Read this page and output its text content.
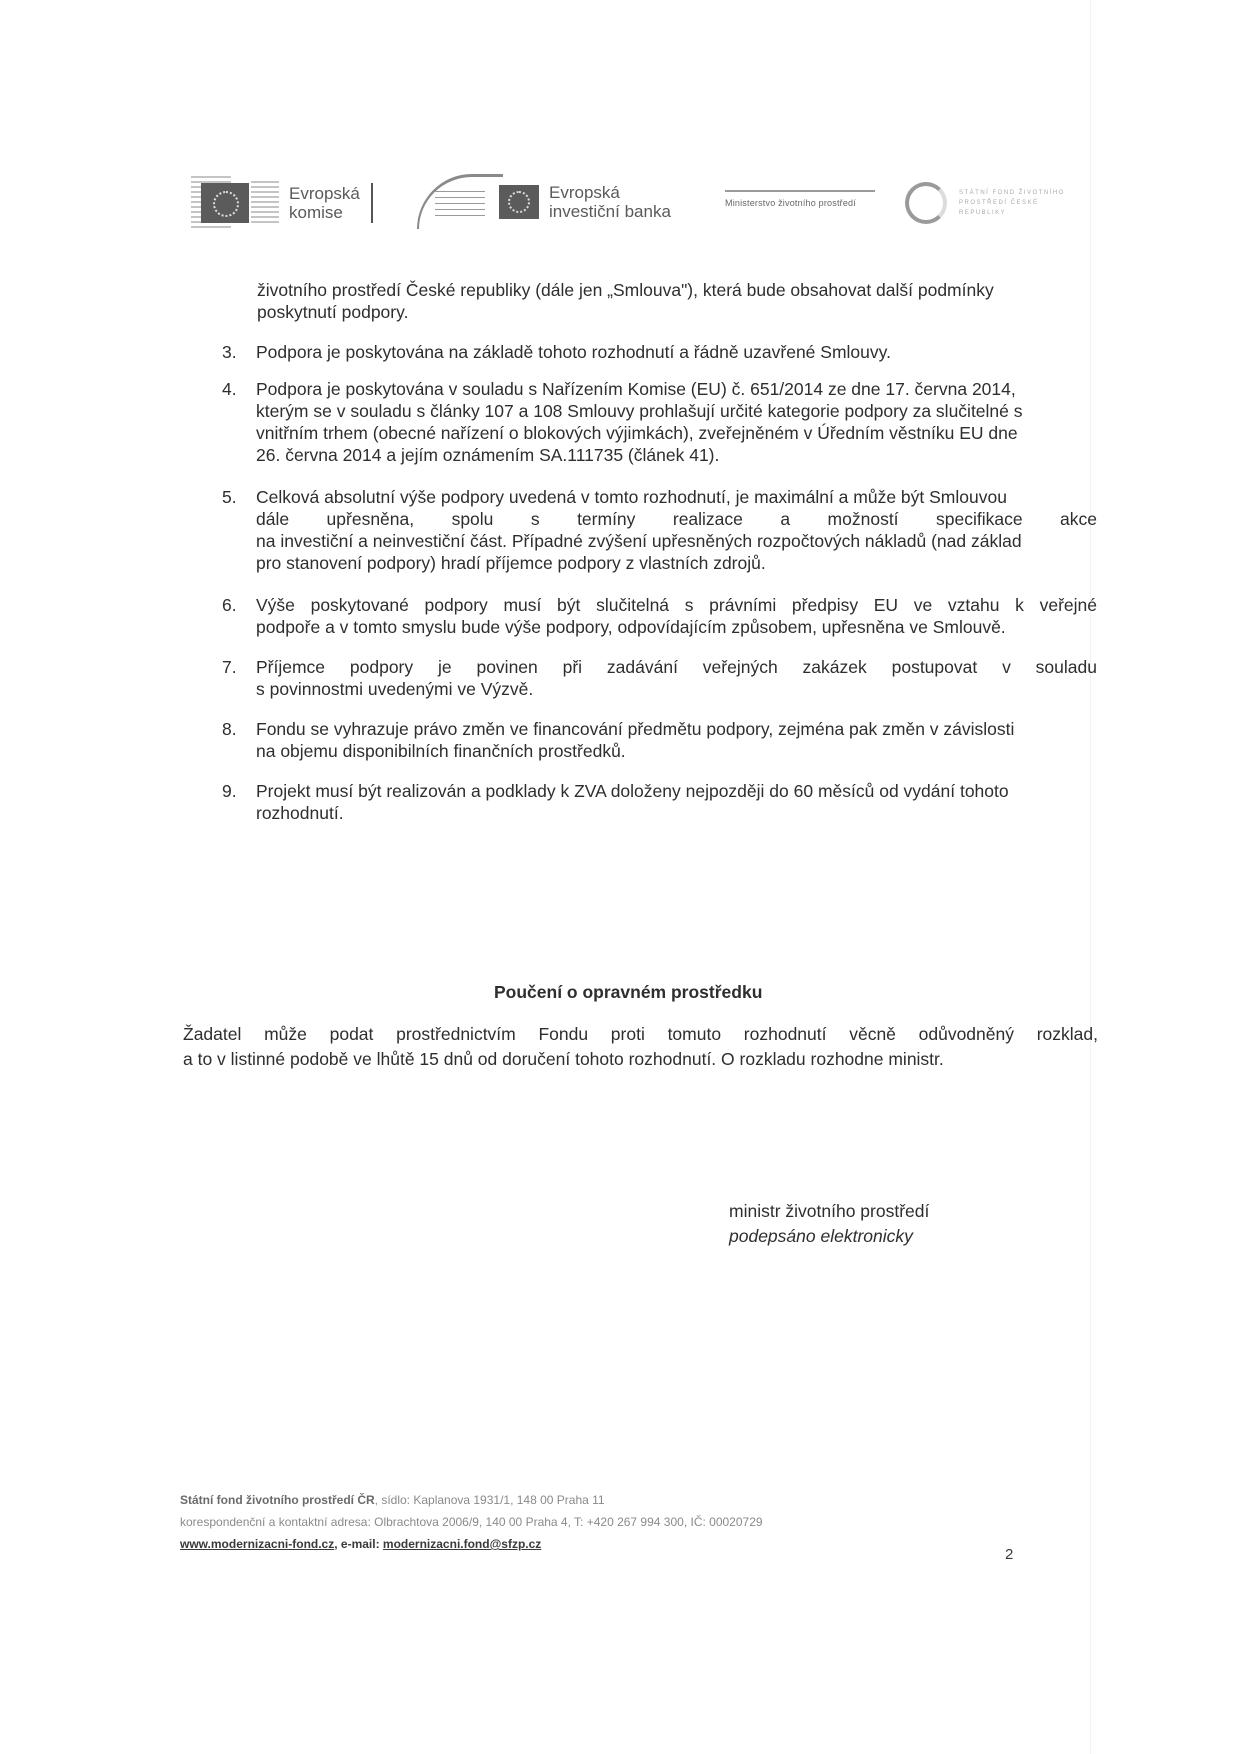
Evropská komise
Evropská investiční banka	Ministerstvo životního prostředí
STÁTNÍ FOND ŽIVOTNÍHO PROSTŘEDÍ ČESKÉ REPUBLIKY
životního prostředí České republiky (dále jen „Smlouva"), která bude obsahovat další podmínky
poskytnutí podpory.
3. Podpora je poskytována na základě tohoto rozhodnutí a řádně uzavřené Smlouvy.
4. Podpora je poskytována v souladu s Nařízením Komise (EU) č. 651/2014 ze dne 17. června 2014,
kterým se v souladu s články 107 a 108 Smlouvy prohlašují určité kategorie podpory za slučitelné s
vnitřním trhem (obecné nařízení o blokových výjimkách), zveřejněném v Úředním věstníku EU dne
26. června 2014 a jejím oznámením SA.111735 (článek 41).
5. Celková absolutní výše podpory uvedená v tomto rozhodnutí, je maximální a může být Smlouvou
dále upřesněna, spolu s termíny realizace a možností specifikace akce
na investiční a neinvestiční část. Případné zvýšení upřesněných rozpočtových nákladů (nad základ
pro stanovení podpory) hradí příjemce podpory z vlastních zdrojů.
6. Výše poskytované podpory musí být slučitelná s právními předpisy EU ve vztahu k veřejné
podpoře a v tomto smyslu bude výše podpory, odpovídajícím způsobem, upřesněna ve Smlouvě.
7. Příjemce podpory je povinen při zadávání veřejných zakázek postupovat v souladu
s povinnostmi uvedenými ve Výzvě.
8. Fondu se vyhrazuje právo změn ve financování předmětu podpory, zejména pak změn v závislosti
na objemu disponibilních finančních prostředků.
9. Projekt musí být realizován a podklady k ZVA doloženy nejpozději do 60 měsíců od vydání tohoto
rozhodnutí.
Poučení o opravném prostředku
Žadatel může podat prostřednictvím Fondu proti tomuto rozhodnutí věcně odůvodněný rozklad,
a to v listinné podobě ve lhůtě 15 dnů od doručení tohoto rozhodnutí. O rozkladu rozhodne ministr.
ministr životního prostředí
podepsáno elektronicky
Státní fond životního prostředí ČR, sídlo: Kaplanova 1931/1, 148 00 Praha 11
korespondenční a kontaktní adresa: Olbrachtova 2006/9, 140 00 Praha 4, T: +420 267 994 300, IČ: 00020729
www.modernizacni-fond.cz, e-mail: modernizacni.fond@sfzp.cz
2
